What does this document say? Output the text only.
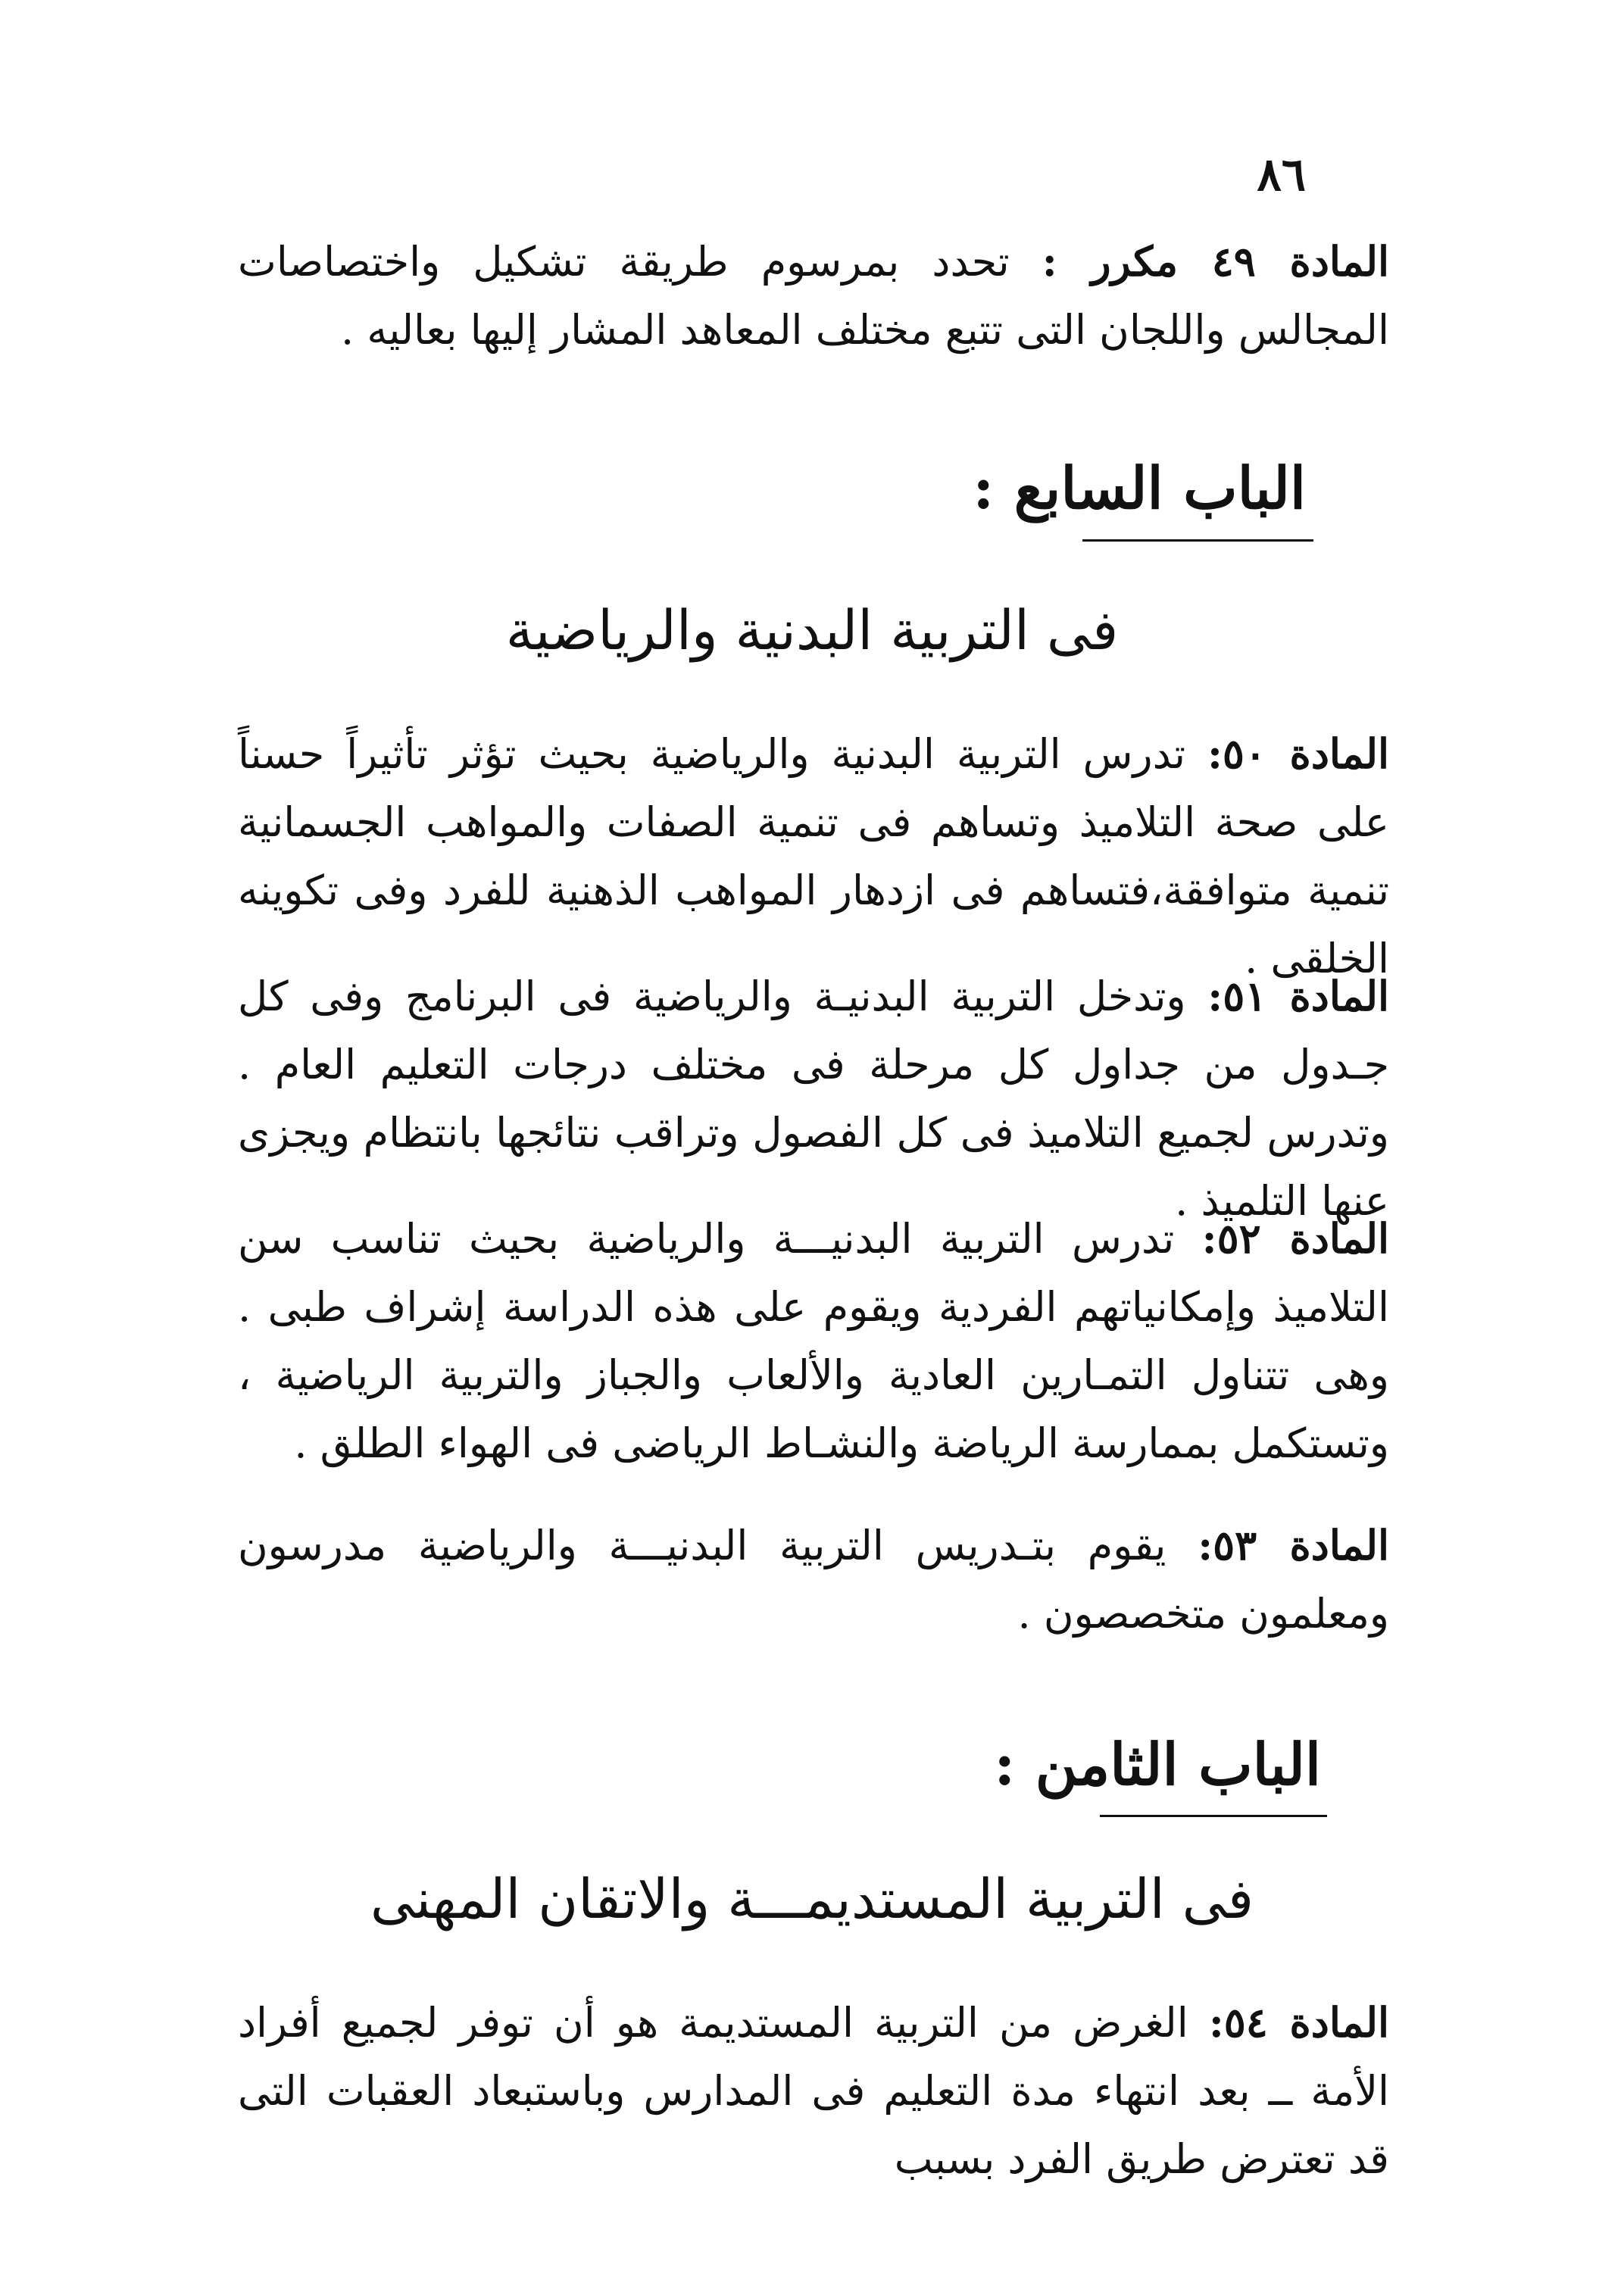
٨٦

المادة ٤٩ مكرر : تحدد بمرسوم طريقة تشكيل واختصاصات المجالس واللجان التى تتبع مختلف المعاهد المشار إليها بعاليه .

الباب السابع :
فى التربية البدنية والرياضية

المادة ٥٠: تدرس التربية البدنية والرياضية بحيث تؤثر تأثيراً حسناً على صحة التلاميذ وتساهم فى تنمية الصفات والمواهب الجسمانية تنمية متوافقة،فتساهم فى ازدهار المواهب الذهنية للفرد وفى تكوينه الخلقى .

المادة ٥١: وتدخل التربية البدنيـة والرياضية فى البرنامج وفى كل جـدول من جداول كل مرحلة فى مختلف درجات التعليم العام . وتدرس لجميع التلاميذ فى كل الفصول وتراقب نتائجها بانتظام ويجزى عنها التلميذ .

المادة ٥٢: تدرس التربية البدنيـــة والرياضية بحيث تناسب سن التلاميذ وإمكانياتهم الفردية ويقوم على هذه الدراسة إشراف طبى . وهى تتناول التمـارين العادية والألعاب والجباز والتربية الرياضية ، وتستكمل بممارسة الرياضة والنشـاط الرياضى فى الهواء الطلق .

المادة ٥٣: يقوم بتـدريس التربية البدنيـــة والرياضية مدرسون ومعلمون متخصصون .

الباب الثامن :
فى التربية المستديمـــة والاتقان المهنى

المادة ٥٤: الغرض من التربية المستديمة هو أن توفر لجميع أفراد الأمة ــ بعد انتهاء مدة التعليم فى المدارس وباستبعاد العقبات التى قد تعترض طريق الفرد بسبب
